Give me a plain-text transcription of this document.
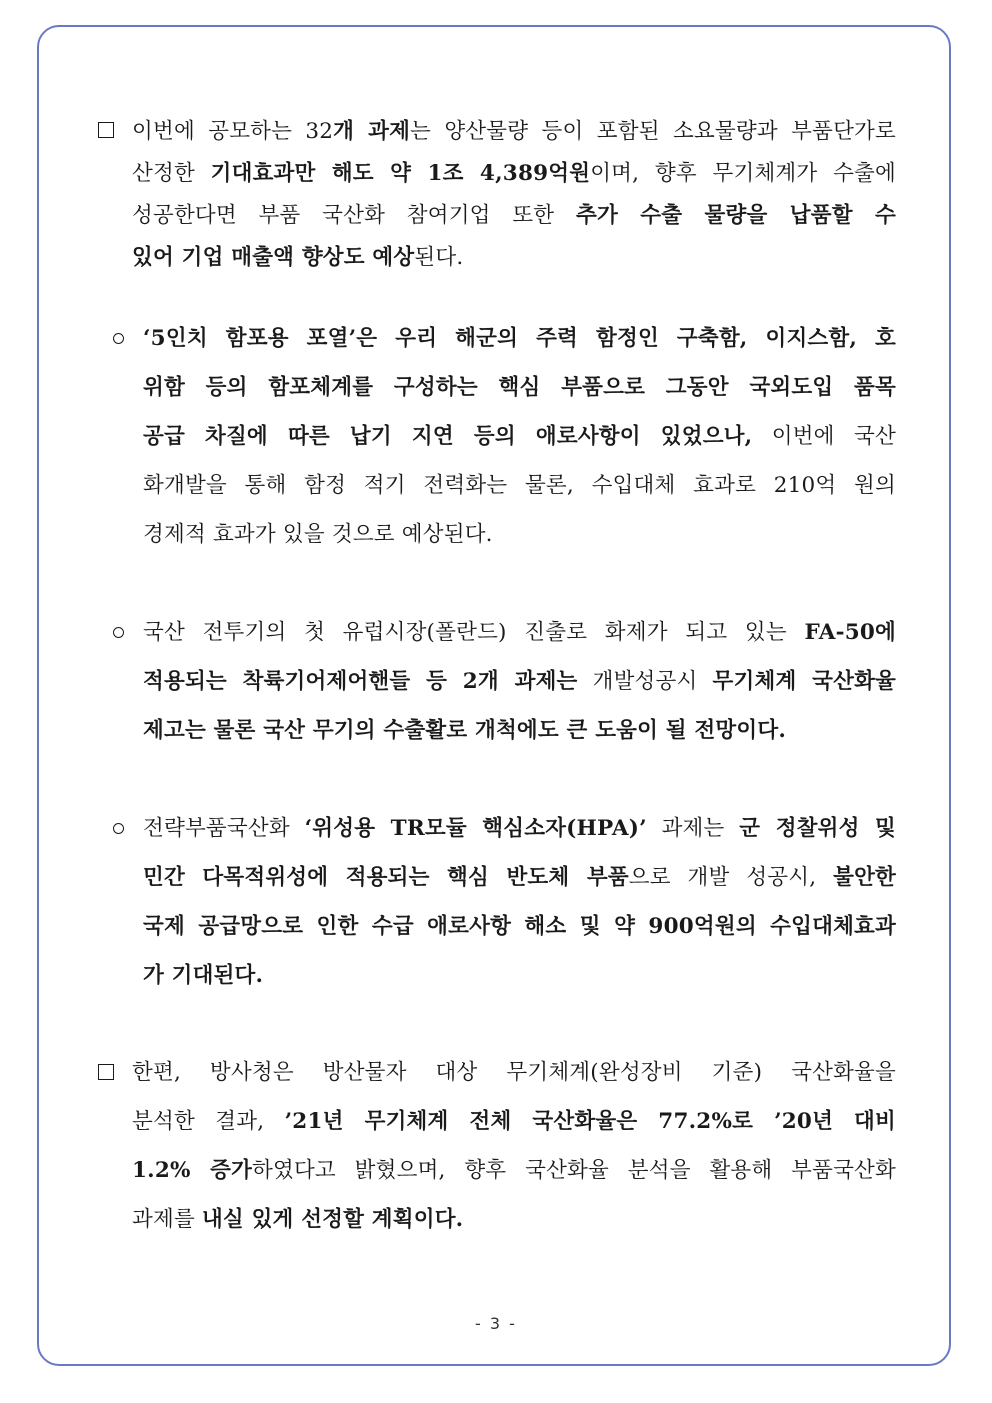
이번에 공모하는 32개 과제는 양산물량 등이 포함된 소요물량과 부품단가로
산정한 기대효과만 해도 약 1조 4,389억원이며, 향후 무기체계가 수출에
성공한다면 부품 국산화 참여기업 또한 추가 수출 물량을 납품할 수
있어 기업 매출액 향상도 예상된다.
‘5인치 함포용 포열’은 우리 해군의 주력 함정인 구축함, 이지스함, 호
위함 등의 함포체계를 구성하는 핵심 부품으로 그동안 국외도입 품목
공급 차질에 따른 납기 지연 등의 애로사항이 있었으나, 이번에 국산
화개발을 통해 함정 적기 전력화는 물론, 수입대체 효과로 210억 원의
경제적 효과가 있을 것으로 예상된다.
국산 전투기의 첫 유럽시장(폴란드) 진출로 화제가 되고 있는 FA-50에
적용되는 착륙기어제어핸들 등 2개 과제는 개발성공시 무기체계 국산화율
제고는 물론 국산 무기의 수출활로 개척에도 큰 도움이 될 전망이다.
전략부품국산화 ‘위성용 TR모듈 핵심소자(HPA)’ 과제는 군 정찰위성 및
민간 다목적위성에 적용되는 핵심 반도체 부품으로 개발 성공시, 불안한
국제 공급망으로 인한 수급 애로사항 해소 및 약 900억원의 수입대체효과
가 기대된다.
한편, 방사청은 방산물자 대상 무기체계(완성장비 기준) 국산화율을
분석한 결과, ’21년 무기체계 전체 국산화율은 77.2%로 ’20년 대비
1.2% 증가하였다고 밝혔으며, 향후 국산화율 분석을 활용해 부품국산화
과제를 내실 있게 선정할 계획이다.
- 3 -
